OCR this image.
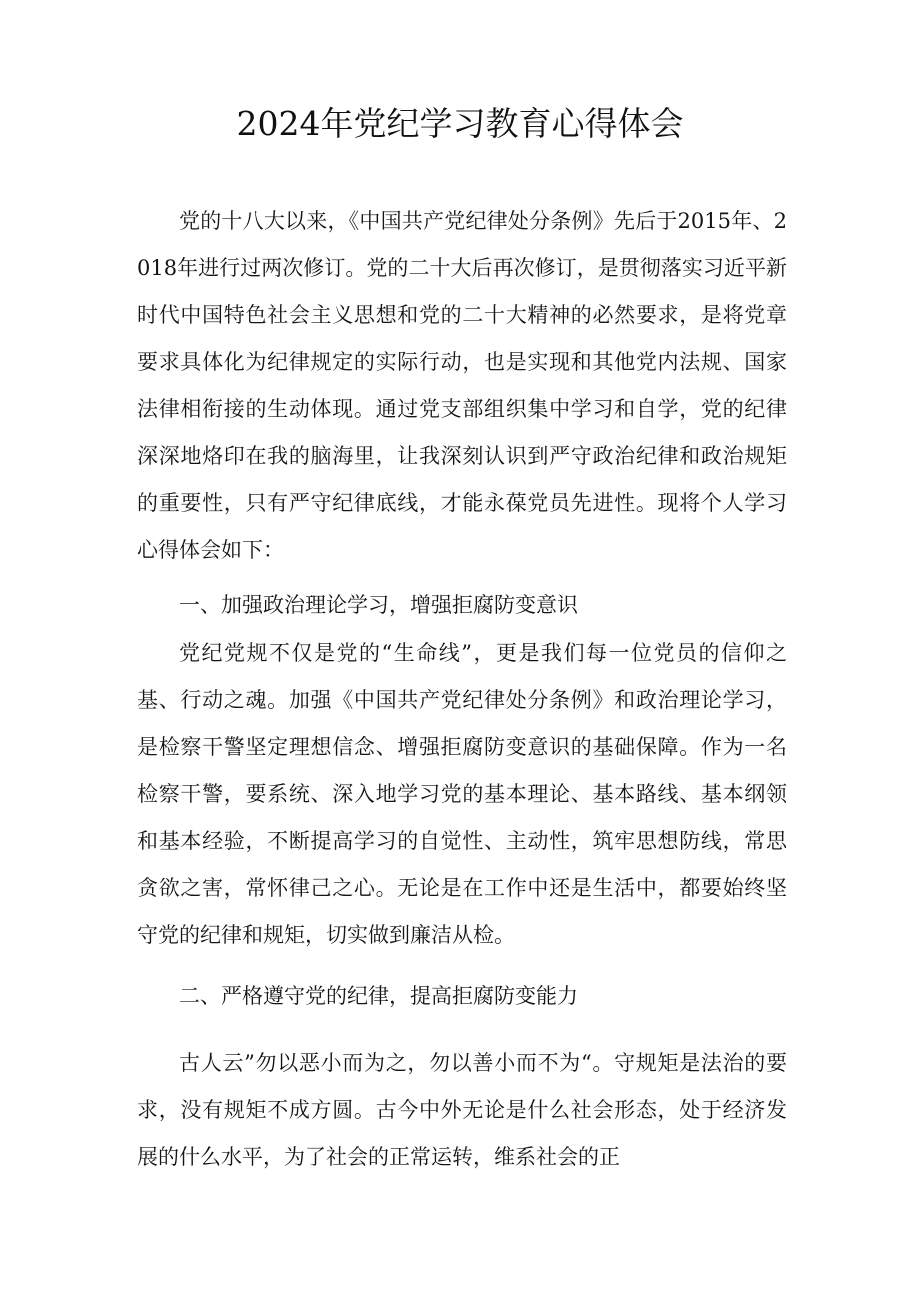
2024年党纪学习教育心得体会

党的十八大以来，《中国共产党纪律处分条例》先后于2015年、2018年进行过两次修订。党的二十大后再次修订，是贯彻落实习近平新时代中国特色社会主义思想和党的二十大精神的必然要求，是将党章要求具体化为纪律规定的实际行动，也是实现和其他党内法规、国家法律相衔接的生动体现。通过党支部组织集中学习和自学，党的纪律深深地烙印在我的脑海里，让我深刻认识到严守政治纪律和政治规矩的重要性，只有严守纪律底线，才能永葆党员先进性。现将个人学习心得体会如下：

一、加强政治理论学习，增强拒腐防变意识

党纪党规不仅是党的“生命线”，更是我们每一位党员的信仰之基、行动之魂。加强《中国共产党纪律处分条例》和政治理论学习，是检察干警坚定理想信念、增强拒腐防变意识的基础保障。作为一名检察干警，要系统、深入地学习党的基本理论、基本路线、基本纲领和基本经验，不断提高学习的自觉性、主动性，筑牢思想防线，常思贪欲之害，常怀律己之心。无论是在工作中还是生活中，都要始终坚守党的纪律和规矩，切实做到廉洁从检。

二、严格遵守党的纪律，提高拒腐防变能力

古人云”勿以恶小而为之，勿以善小而不为“。守规矩是法治的要求，没有规矩不成方圆。古今中外无论是什么社会形态，处于经济发展的什么水平，为了社会的正常运转，维系社会的正
